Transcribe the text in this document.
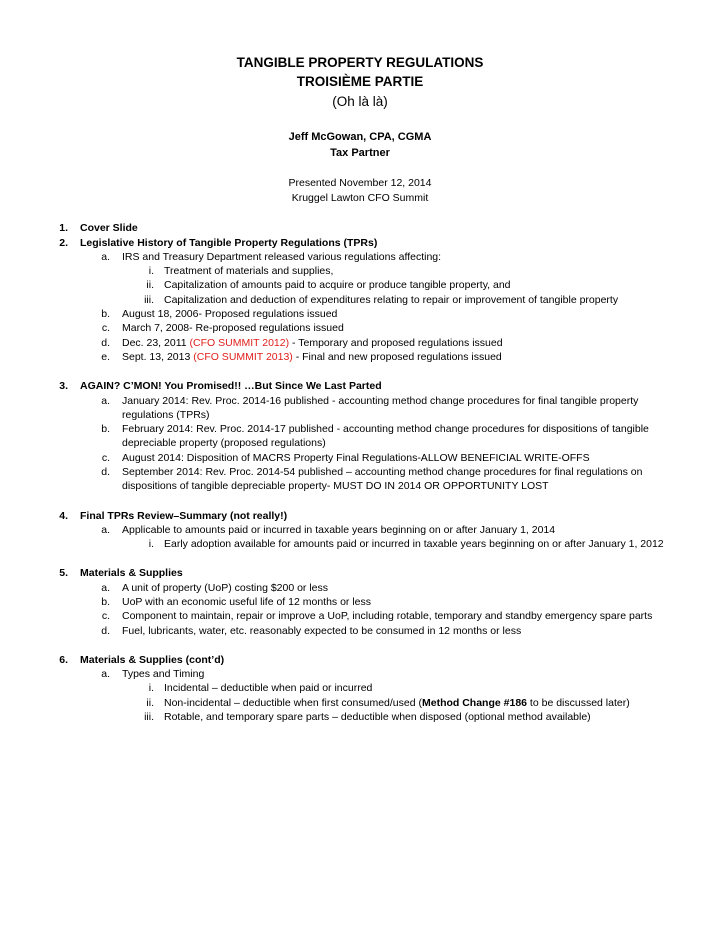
TANGIBLE PROPERTY REGULATIONS
TROISIÈME PARTIE
(Oh là là)
Jeff McGowan, CPA, CGMA
Tax Partner
Presented November 12, 2014
Kruggel Lawton CFO Summit
1. Cover Slide
2. Legislative History of Tangible Property Regulations (TPRs)
a. IRS and Treasury Department released various regulations affecting:
i. Treatment of materials and supplies,
ii. Capitalization of amounts paid to acquire or produce tangible property, and
iii. Capitalization and deduction of expenditures relating to repair or improvement of tangible property
b. August 18, 2006- Proposed regulations issued
c. March 7, 2008- Re-proposed regulations issued
d. Dec. 23, 2011 (CFO SUMMIT 2012) - Temporary and proposed regulations issued
e. Sept. 13, 2013 (CFO SUMMIT 2013) - Final and new proposed regulations issued
3. AGAIN? C’MON! You Promised!! …But Since We Last Parted
a. January 2014: Rev. Proc. 2014-16 published - accounting method change procedures for final tangible property
regulations (TPRs)
b. February 2014: Rev. Proc. 2014-17 published - accounting method change procedures for dispositions of tangible
depreciable property (proposed regulations)
c. August 2014: Disposition of MACRS Property Final Regulations-ALLOW BENEFICIAL WRITE-OFFS
d. September 2014: Rev. Proc. 2014-54 published – accounting method change procedures for final regulations on
dispositions of tangible depreciable property- MUST DO IN 2014 OR OPPORTUNITY LOST
4. Final TPRs Review–Summary (not really!)
a. Applicable to amounts paid or incurred in taxable years beginning on or after January 1, 2014
i. Early adoption available for amounts paid or incurred in taxable years beginning on or after January 1, 2012
5. Materials & Supplies
a. A unit of property (UoP) costing $200 or less
b. UoP with an economic useful life of 12 months or less
c. Component to maintain, repair or improve a UoP, including rotable, temporary and standby emergency spare parts
d. Fuel, lubricants, water, etc. reasonably expected to be consumed in 12 months or less
6. Materials & Supplies (cont’d)
a. Types and Timing
i. Incidental – deductible when paid or incurred
ii. Non-incidental – deductible when first consumed/used (Method Change #186 to be discussed later)
iii. Rotable, and temporary spare parts – deductible when disposed (optional method available)
